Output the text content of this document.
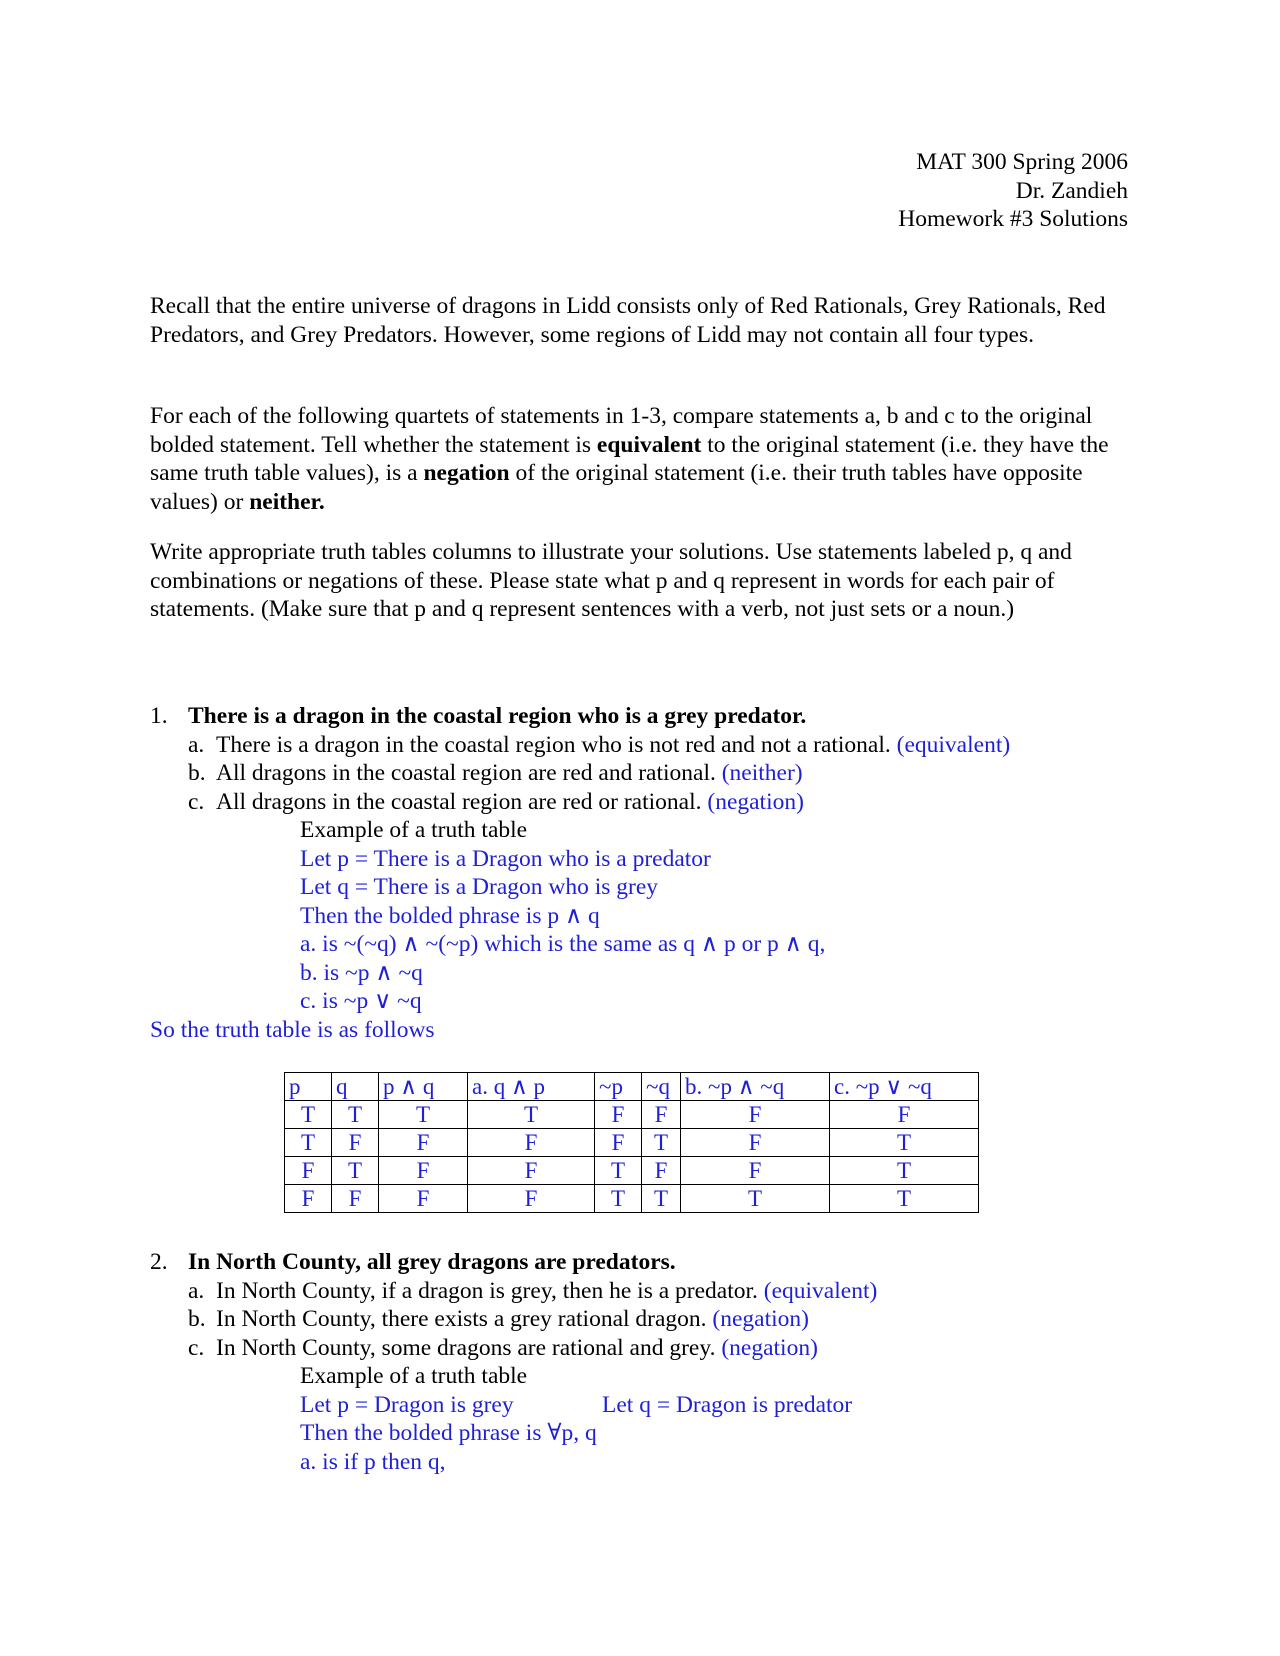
MAT 300 Spring 2006
Dr. Zandieh
Homework #3 Solutions

Recall that the entire universe of dragons in Lidd consists only of Red Rationals, Grey Rationals, Red Predators, and Grey Predators. However, some regions of Lidd may not contain all four types.

For each of the following quartets of statements in 1-3, compare statements a, b and c to the original bolded statement. Tell whether the statement is equivalent to the original statement (i.e. they have the same truth table values), is a negation of the original statement (i.e. their truth tables have opposite values) or neither.

Write appropriate truth tables columns to illustrate your solutions. Use statements labeled p, q and combinations or negations of these. Please state what p and q represent in words for each pair of statements. (Make sure that p and q represent sentences with a verb, not just sets or a noun.)

1. There is a dragon in the coastal region who is a grey predator.
a. There is a dragon in the coastal region who is not red and not a rational. (equivalent)
b. All dragons in the coastal region are red and rational. (neither)
c. All dragons in the coastal region are red or rational. (negation)
Example of a truth table
Let p = There is a Dragon who is a predator
Let q = There is a Dragon who is grey
Then the bolded phrase is p ∧ q
a. is ~(~q) ∧ ~(~p) which is the same as q ∧ p or p ∧ q,
b. is ~p ∧ ~q
c. is ~p ∨ ~q
So the truth table is as follows
p	q	p ∧ q	a. q ∧ p	~p	~q	b. ~p ∧ ~q	c. ~p ∨ ~q
T	T	T	T	F	F	F	F
T	F	F	F	F	T	F	T
F	T	F	F	T	F	F	T
F	F	F	F	T	T	T	T
2. In North County, all grey dragons are predators.
a. In North County, if a dragon is grey, then he is a predator. (equivalent)
b. In North County, there exists a grey rational dragon. (negation)
c. In North County, some dragons are rational and grey. (negation)
Example of a truth table
Let p = Dragon is grey	Let q = Dragon is predator
Then the bolded phrase is ∀p, q
a. is if p then q,
